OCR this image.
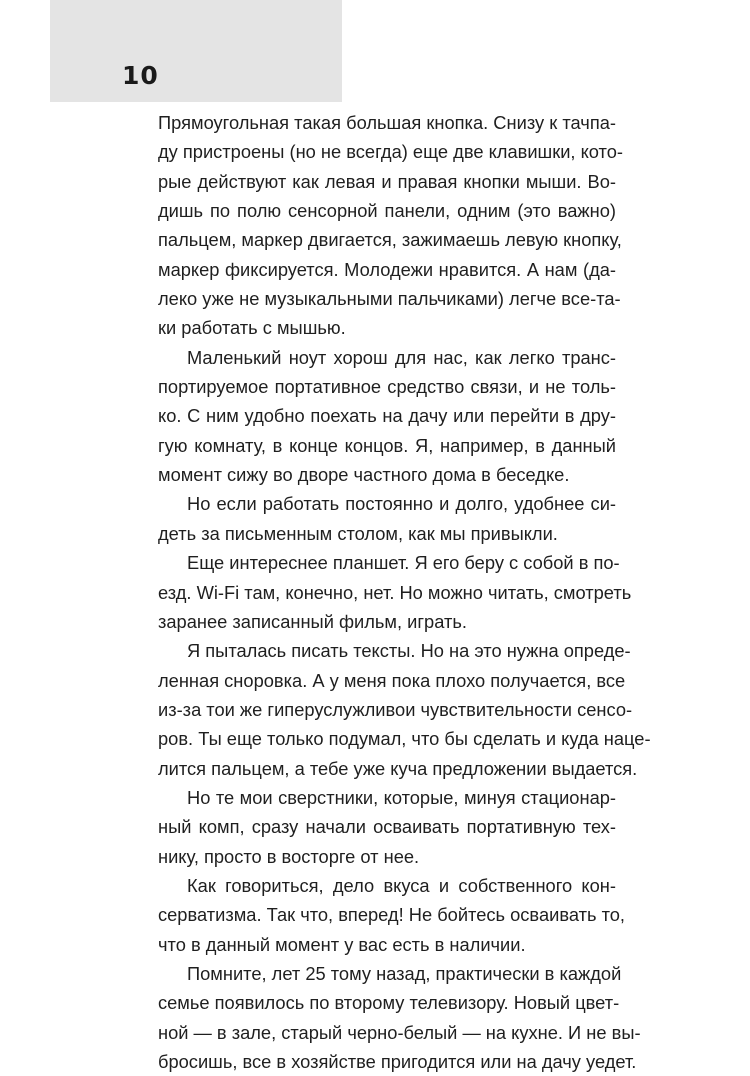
10
Прямоугольная такая большая кнопка. Снизу к тачпа-
ду пристроены (но не всегда) еще две клавишки, кото-
рые действуют как левая и правая кнопки мыши. Во-
дишь по полю сенсорной панели, одним (это важно)
пальцем, маркер двигается, зажимаешь левую кнопку,
маркер фиксируется. Молодежи нравится. А нам (да-
леко уже не музыкальными пальчиками) легче все-та-
ки работать с мышью.
Маленький ноут хорош для нас, как легко транс-
портируемое портативное средство связи, и не толь-
ко. С ним удобно поехать на дачу или перейти в дру-
гую комнату, в конце концов. Я, например, в данный
момент сижу во дворе частного дома в беседке.
Но если работать постоянно и долго, удобнее си-
деть за письменным столом, как мы привыкли.
Еще интереснее планшет. Я его беру с собой в по-
езд. Wi-Fi там, конечно, нет. Но можно читать, смотреть
заранее записанный фильм, играть.
Я пыталась писать тексты. Но на это нужна опреде-
ленная сноровка. А у меня пока плохо получается, все
из-за тои же гиперуслужливои чувствительности сенсо-
ров. Ты еще только подумал, что бы сделать и куда наце-
лится пальцем, а тебе уже куча предложении выдается.
Но те мои сверстники, которые, минуя стационар-
ный комп, сразу начали осваивать портативную тех-
нику, просто в восторге от нее.
Как говориться, дело вкуса и собственного кон-
серватизма. Так что, вперед! Не бойтесь осваивать то,
что в данный момент у вас есть в наличии.
Помните, лет 25 тому назад, практически в каждой
семье появилось по второму телевизору. Новый цвет-
ной — в зале, старый черно-белый — на кухне. И не вы-
бросишь, все в хозяйстве пригодится или на дачу уедет.
